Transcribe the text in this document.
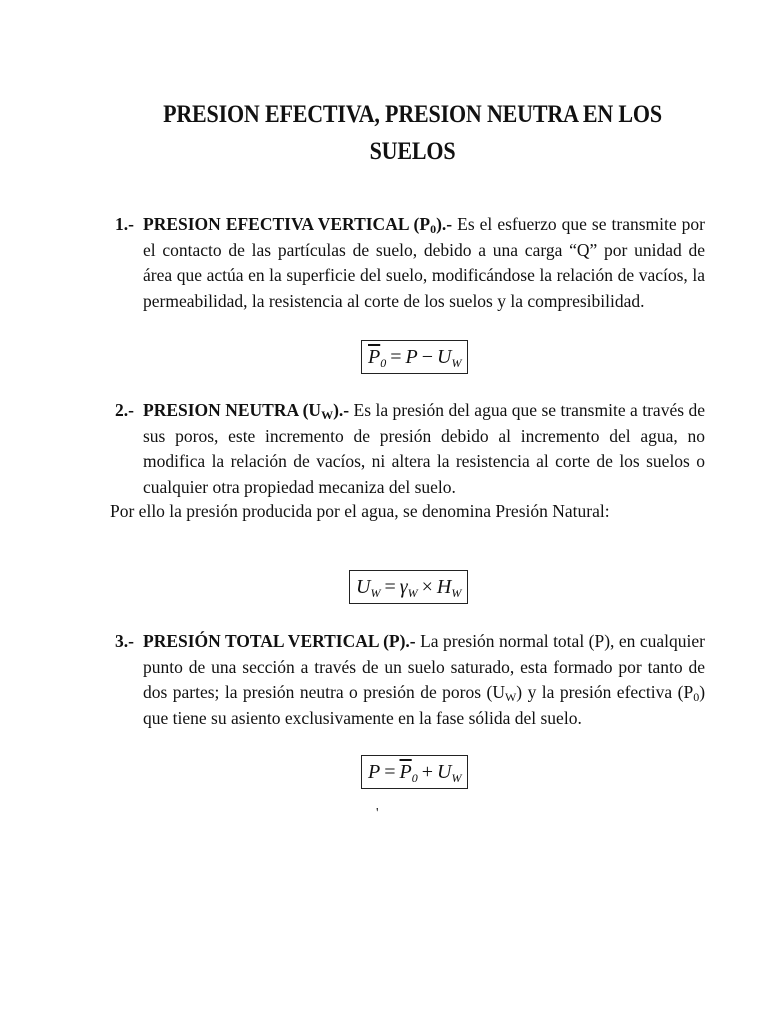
PRESION EFECTIVA, PRESION NEUTRA EN LOS
SUELOS
1.- PRESION EFECTIVA VERTICAL $(P_0).-$ Es el esfuerzo que se transmite por el contacto de las partículas de suelo, debido a una carga “Q” por unidad de área que actúa en la superficie del suelo, modificándose la relación de vacíos, la permeabilidad, la resistencia al corte de los suelos y la compresibilidad.
$\overline{P}_0 = P - U_W$
2.- PRESION NEUTRA $(U_W).-$ Es la presión del agua que se transmite a través de sus poros, este incremento de presión debido al incremento del agua, no modifica la relación de vacíos, ni altera la resistencia al corte de los suelos o cualquier otra propiedad mecaniza del suelo.
Por ello la presión producida por el agua, se denomina Presión Natural:
$U_W = \gamma_W \times H_W$
3.- PRESIÓN TOTAL VERTICAL (P).- La presión normal total (P), en cualquier punto de una sección a través de un suelo saturado, esta formado por tanto de dos partes; la presión neutra o presión de poros $(U_W)$ y la presión efectiva $(P_0)$ que tiene su asiento exclusivamente en la fase sólida del suelo.
$P = \overline{P}_0 + U_W$
'
